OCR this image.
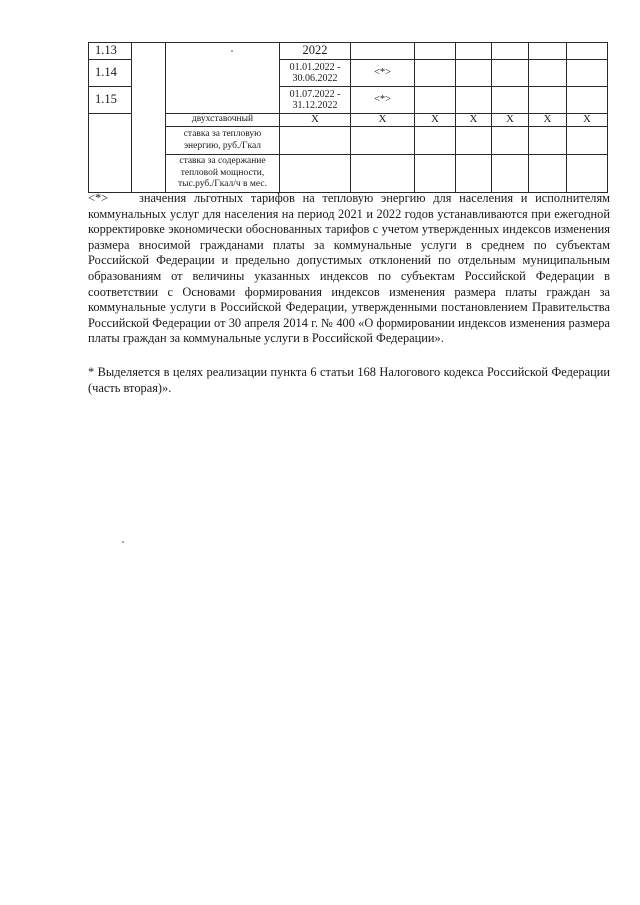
1.13			2022						
1.14			01.01.2022 - 30.06.2022	<*>					
1.15			01.07.2022 - 31.12.2022	<*>					
		двухставочный	X	X	X	X	X	X	X
		ставка за тепловую энергию, руб./Гкал							
		ставка за содержание тепловой мощности, тыс.руб./Гкал/ч в мес.							

<*> значения льготных тарифов на тепловую энергию для населения и исполнителям коммунальных услуг для населения на период 2021 и 2022 годов устанавливаются при ежегодной корректировке экономически обоснованных тарифов с учетом утвержденных индексов изменения размера вносимой гражданами платы за коммунальные услуги в среднем по субъектам Российской Федерации и предельно допустимых отклонений по отдельным муниципальным образованиям от величины указанных индексов по субъектам Российской Федерации в соответствии с Основами формирования индексов изменения размера платы граждан за коммунальные услуги в Российской Федерации, утвержденными постановлением Правительства Российской Федерации от 30 апреля 2014 г. № 400 «О формировании индексов изменения размера платы граждан за коммунальные услуги в Российской Федерации».

* Выделяется в целях реализации пункта 6 статьи 168 Налогового кодекса Российской Федерации (часть вторая)».
